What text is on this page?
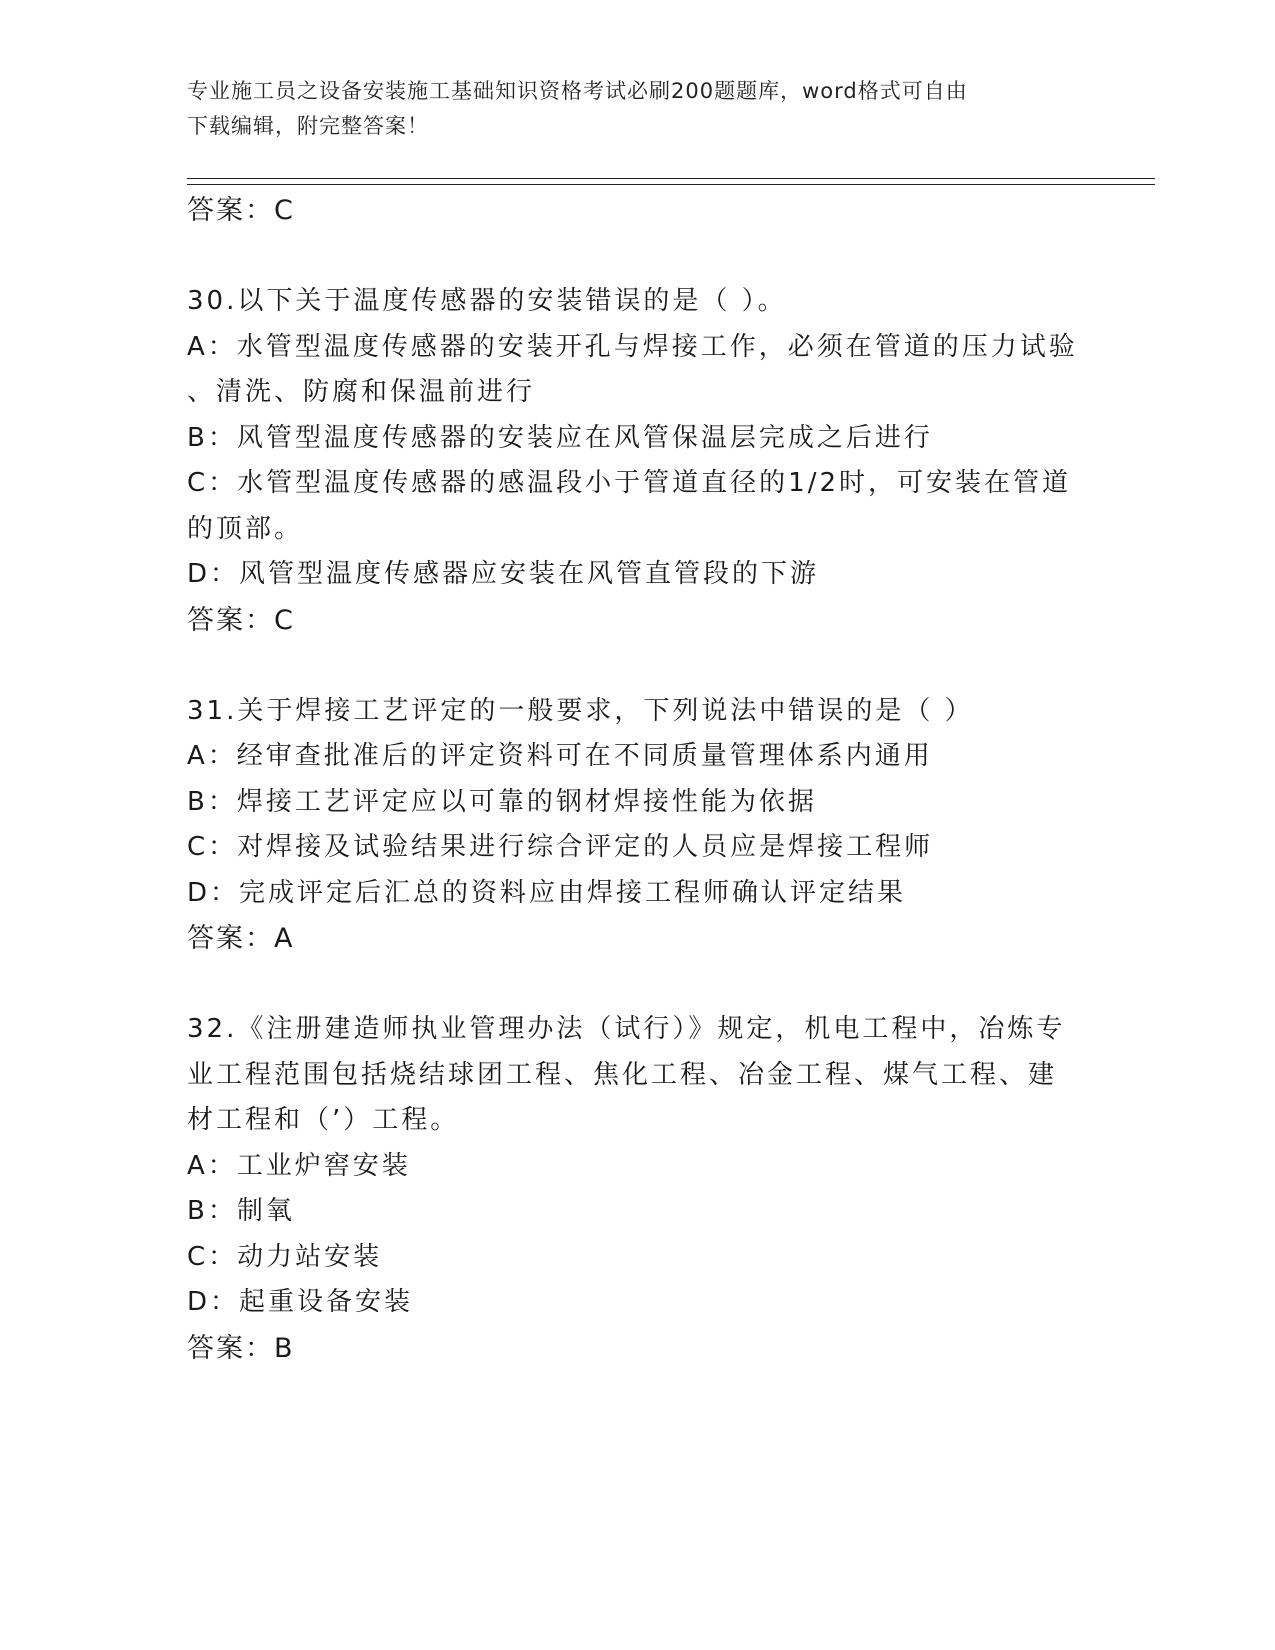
专业施工员之设备安装施工基础知识资格考试必刷200题题库，word格式可自由
下载编辑，附完整答案！
答案：C
30.以下关于温度传感器的安装错误的是（ ）。
A：水管型温度传感器的安装开孔与焊接工作，必须在管道的压力试验
、清洗、防腐和保温前进行
B：风管型温度传感器的安装应在风管保温层完成之后进行
C：水管型温度传感器的感温段小于管道直径的1/2时，可安装在管道
的顶部。
D：风管型温度传感器应安装在风管直管段的下游
答案：C
31.关于焊接工艺评定的一般要求，下列说法中错误的是（ ）
A：经审查批准后的评定资料可在不同质量管理体系内通用
B：焊接工艺评定应以可靠的钢材焊接性能为依据
C：对焊接及试验结果进行综合评定的人员应是焊接工程师
D：完成评定后汇总的资料应由焊接工程师确认评定结果
答案：A
32.《注册建造师执业管理办法（试行）》规定，机电工程中，冶炼专
业工程范围包括烧结球团工程、焦化工程、冶金工程、煤气工程、建
材工程和（’）工程。
A：工业炉窖安装
B：制氧
C：动力站安装
D：起重设备安装
答案：B
